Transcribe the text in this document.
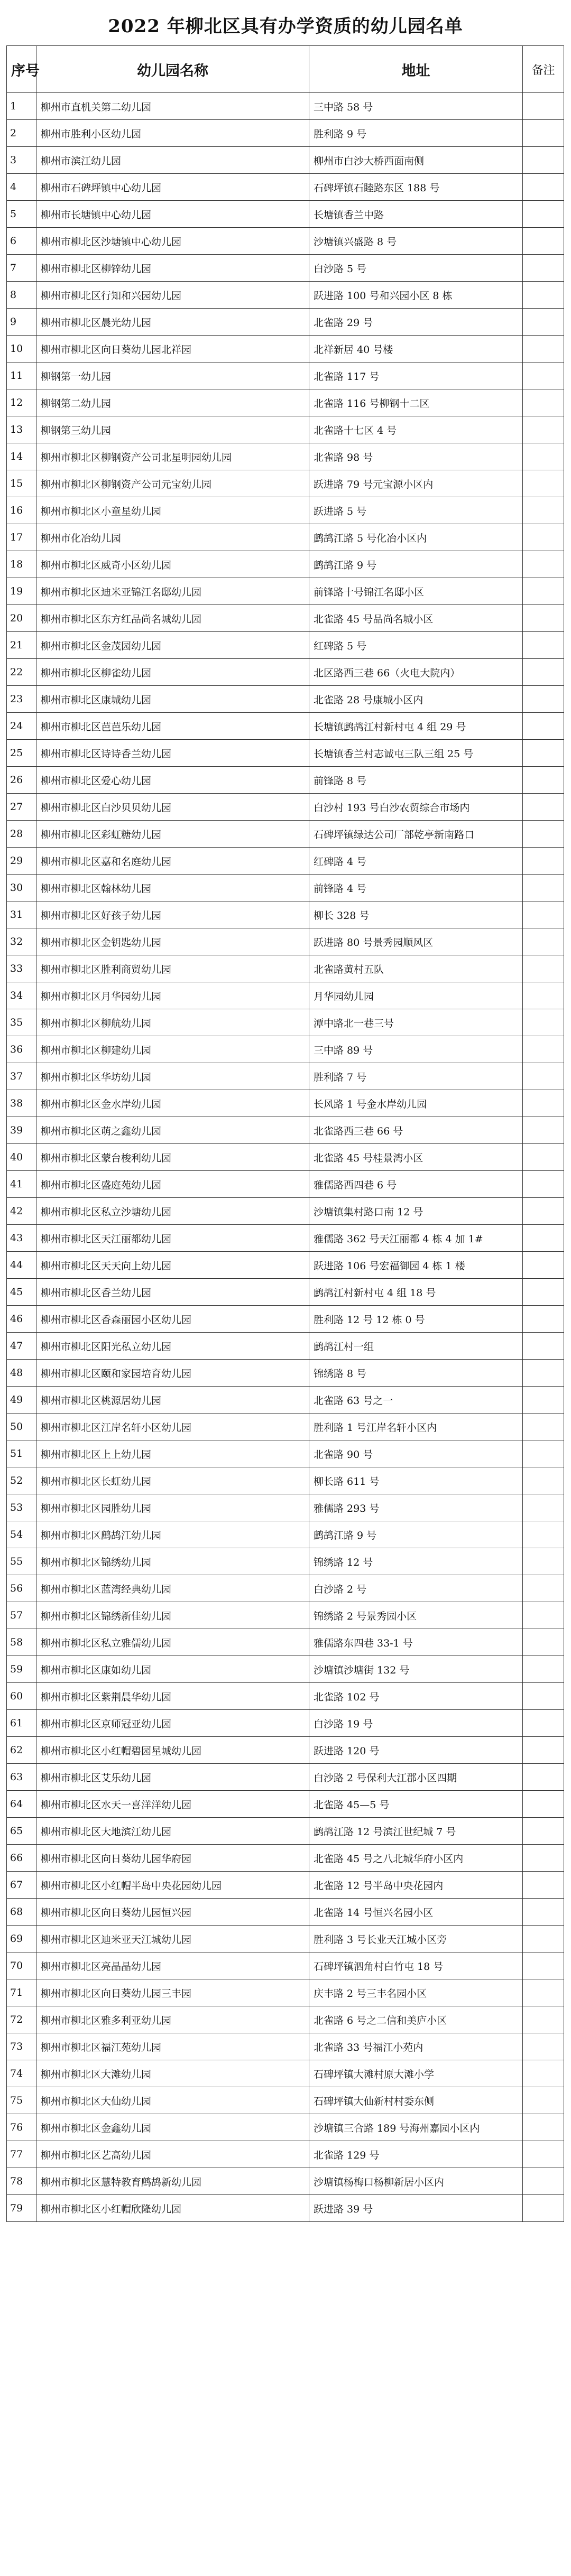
2022 年柳北区具有办学资质的幼儿园名单
序号	幼儿园名称	地址	备注
1	柳州市直机关第二幼儿园	三中路 58 号	
2	柳州市胜利小区幼儿园	胜利路 9 号	
3	柳州市滨江幼儿园	柳州市白沙大桥西面南侧	
4	柳州市石碑坪镇中心幼儿园	石碑坪镇石睦路东区 188 号	
5	柳州市长塘镇中心幼儿园	长塘镇香兰中路	
6	柳州市柳北区沙塘镇中心幼儿园	沙塘镇兴盛路 8 号	
7	柳州市柳北区柳锌幼儿园	白沙路 5 号	
8	柳州市柳北区行知和兴园幼儿园	跃进路 100 号和兴园小区 8 栋	
9	柳州市柳北区晨光幼儿园	北雀路 29 号	
10	柳州市柳北区向日葵幼儿园北祥园	北祥新居 40 号楼	
11	柳钢第一幼儿园	北雀路 117 号	
12	柳钢第二幼儿园	北雀路 116 号柳钢十二区	
13	柳钢第三幼儿园	北雀路十七区 4 号	
14	柳州市柳北区柳钢资产公司北星明园幼儿园	北雀路 98 号	
15	柳州市柳北区柳钢资产公司元宝幼儿园	跃进路 79 号元宝源小区内	
16	柳州市柳北区小童星幼儿园	跃进路 5 号	
17	柳州市化冶幼儿园	鹧鸪江路 5 号化冶小区内	
18	柳州市柳北区威奇小区幼儿园	鹧鸪江路 9 号	
19	柳州市柳北区迪米亚锦江名邸幼儿园	前锋路十号锦江名邸小区	
20	柳州市柳北区东方红品尚名城幼儿园	北雀路 45 号品尚名城小区	
21	柳州市柳北区金茂园幼儿园	红碑路 5 号	
22	柳州市柳北区柳雀幼儿园	北区路西三巷 66（火电大院内）	
23	柳州市柳北区康城幼儿园	北雀路 28 号康城小区内	
24	柳州市柳北区芭芭乐幼儿园	长塘镇鹧鸪江村新村屯 4 组 29 号	
25	柳州市柳北区诗诗香兰幼儿园	长塘镇香兰村志诚屯三队三组 25 号	
26	柳州市柳北区爱心幼儿园	前锋路 8 号	
27	柳州市柳北区白沙贝贝幼儿园	白沙村 193 号白沙农贸综合市场内	
28	柳州市柳北区彩虹糖幼儿园	石碑坪镇绿达公司厂部乾亭新南路口	
29	柳州市柳北区嘉和名庭幼儿园	红碑路 4 号	
30	柳州市柳北区翰林幼儿园	前锋路 4 号	
31	柳州市柳北区好孩子幼儿园	柳长 328 号	
32	柳州市柳北区金钥匙幼儿园	跃进路 80 号景秀园顺风区	
33	柳州市柳北区胜利商贸幼儿园	北雀路黄村五队	
34	柳州市柳北区月华园幼儿园	月华园幼儿园	
35	柳州市柳北区柳航幼儿园	潭中路北一巷三号	
36	柳州市柳北区柳建幼儿园	三中路 89 号	
37	柳州市柳北区华坊幼儿园	胜利路 7 号	
38	柳州市柳北区金水岸幼儿园	长风路 1 号金水岸幼儿园	
39	柳州市柳北区萌之鑫幼儿园	北雀路西三巷 66 号	
40	柳州市柳北区蒙台梭利幼儿园	北雀路 45 号桂景湾小区	
41	柳州市柳北区盛庭苑幼儿园	雅儒路西四巷 6 号	
42	柳州市柳北区私立沙塘幼儿园	沙塘镇集村路口南 12 号	
43	柳州市柳北区天江丽都幼儿园	雅儒路 362 号天江丽都 4 栋 4 加 1#	
44	柳州市柳北区天天向上幼儿园	跃进路 106 号宏福御园 4 栋 1 楼	
45	柳州市柳北区香兰幼儿园	鹧鸪江村新村屯 4 组 18 号	
46	柳州市柳北区香森丽园小区幼儿园	胜利路 12 号 12 栋 0 号	
47	柳州市柳北区阳光私立幼儿园	鹧鸪江村一组	
48	柳州市柳北区颐和家园培育幼儿园	锦绣路 8 号	
49	柳州市柳北区桃源居幼儿园	北雀路 63 号之一	
50	柳州市柳北区江岸名轩小区幼儿园	胜利路 1 号江岸名轩小区内	
51	柳州市柳北区上上幼儿园	北雀路 90 号	
52	柳州市柳北区长虹幼儿园	柳长路 611 号	
53	柳州市柳北区园胜幼儿园	雅儒路 293 号	
54	柳州市柳北区鹧鸪江幼儿园	鹧鸪江路 9 号	
55	柳州市柳北区锦绣幼儿园	锦绣路 12 号	
56	柳州市柳北区蓝湾经典幼儿园	白沙路 2 号	
57	柳州市柳北区锦绣新佳幼儿园	锦绣路 2 号景秀园小区	
58	柳州市柳北区私立雅儒幼儿园	雅儒路东四巷 33-1 号	
59	柳州市柳北区康如幼儿园	沙塘镇沙塘街 132 号	
60	柳州市柳北区紫荆晨华幼儿园	北雀路 102 号	
61	柳州市柳北区京师冠亚幼儿园	白沙路 19 号	
62	柳州市柳北区小红帽碧园星城幼儿园	跃进路 120 号	
63	柳州市柳北区艾乐幼儿园	白沙路 2 号保利大江郡小区四期	
64	柳州市柳北区水天一喜洋洋幼儿园	北雀路 45—5 号	
65	柳州市柳北区大地滨江幼儿园	鹧鸪江路 12 号滨江世纪城 7 号	
66	柳州市柳北区向日葵幼儿园华府园	北雀路 45 号之八北城华府小区内	
67	柳州市柳北区小红帽半岛中央花园幼儿园	北雀路 12 号半岛中央花园内	
68	柳州市柳北区向日葵幼儿园恒兴园	北雀路 14 号恒兴名园小区	
69	柳州市柳北区迪米亚天江城幼儿园	胜利路 3 号长业天江城小区旁	
70	柳州市柳北区亮晶晶幼儿园	石碑坪镇泗角村白竹屯 18 号	
71	柳州市柳北区向日葵幼儿园三丰园	庆丰路 2 号三丰名园小区	
72	柳州市柳北区雅多利亚幼儿园	北雀路 6 号之二信和美庐小区	
73	柳州市柳北区福江苑幼儿园	北雀路 33 号福江小苑内	
74	柳州市柳北区大滩幼儿园	石碑坪镇大滩村原大滩小学	
75	柳州市柳北区大仙幼儿园	石碑坪镇大仙新村村委东侧	
76	柳州市柳北区金鑫幼儿园	沙塘镇三合路 189 号海州嘉园小区内	
77	柳州市柳北区艺高幼儿园	北雀路 129 号	
78	柳州市柳北区慧特教育鹧鸪新幼儿园	沙塘镇杨梅口杨柳新居小区内	
79	柳州市柳北区小红帽欣隆幼儿园	跃进路 39 号	
